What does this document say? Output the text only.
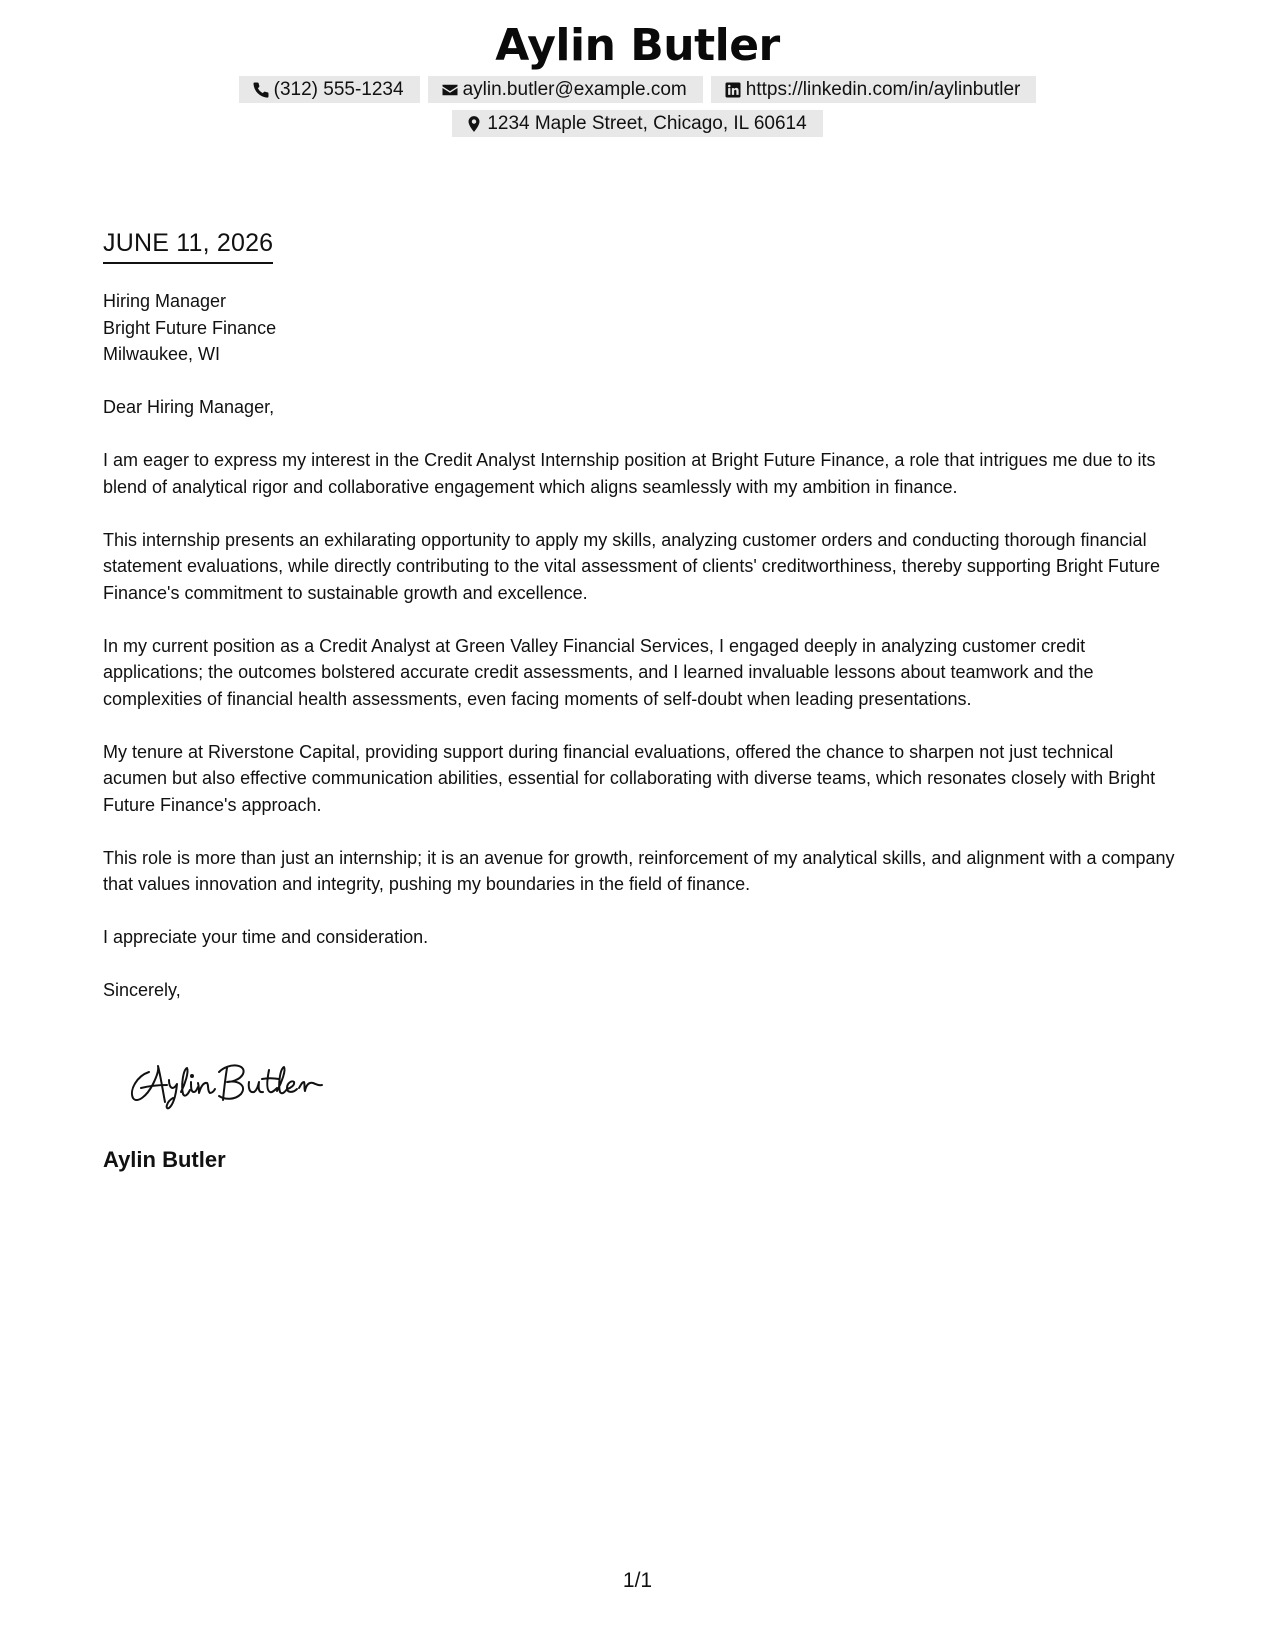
Aylin Butler
(312) 555-1234	aylin.butler@example.com	https://linkedin.com/in/aylinbutler
1234 Maple Street, Chicago, IL 60614
JUNE 11, 2026
Hiring Manager
Bright Future Finance
Milwaukee, WI

Dear Hiring Manager,

I am eager to express my interest in the Credit Analyst Internship position at Bright Future Finance, a role that intrigues me due to its blend of analytical rigor and collaborative engagement which aligns seamlessly with my ambition in finance.

This internship presents an exhilarating opportunity to apply my skills, analyzing customer orders and conducting thorough financial statement evaluations, while directly contributing to the vital assessment of clients' creditworthiness, thereby supporting Bright Future Finance's commitment to sustainable growth and excellence.

In my current position as a Credit Analyst at Green Valley Financial Services, I engaged deeply in analyzing customer credit applications; the outcomes bolstered accurate credit assessments, and I learned invaluable lessons about teamwork and the complexities of financial health assessments, even facing moments of self-doubt when leading presentations.

My tenure at Riverstone Capital, providing support during financial evaluations, offered the chance to sharpen not just technical acumen but also effective communication abilities, essential for collaborating with diverse teams, which resonates closely with Bright Future Finance's approach.

This role is more than just an internship; it is an avenue for growth, reinforcement of my analytical skills, and alignment with a company that values innovation and integrity, pushing my boundaries in the field of finance.

I appreciate your time and consideration.

Sincerely,

Aylin Butler
1/1
